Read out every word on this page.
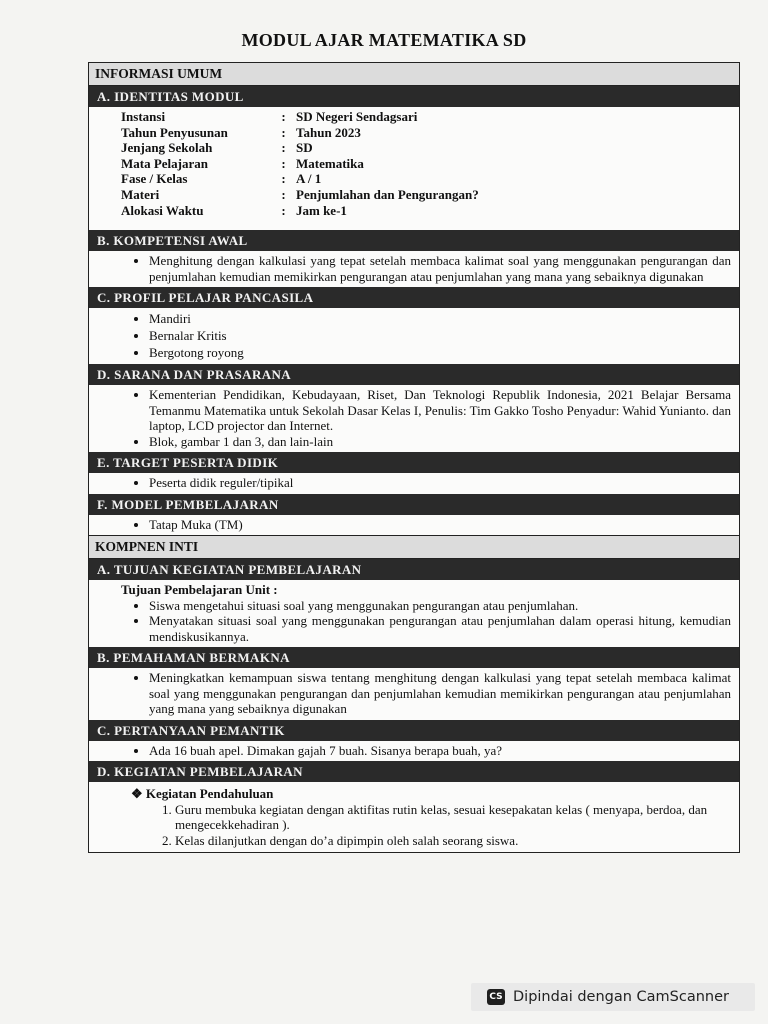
MODUL AJAR MATEMATIKA SD
INFORMASI UMUM
A. IDENTITAS MODUL
Instansi	:	SD Negeri Sendagsari
Tahun Penyusunan	:	Tahun 2023
Jenjang Sekolah	:	SD
Mata Pelajaran	:	Matematika
Fase / Kelas	:	A / 1
Materi	:	Penjumlahan dan Pengurangan?
Alokasi Waktu	:	Jam ke-1
B. KOMPETENSI AWAL
• Menghitung dengan kalkulasi yang tepat setelah membaca kalimat soal yang menggunakan pengurangan dan penjumlahan kemudian memikirkan pengurangan atau penjumlahan yang mana yang sebaiknya digunakan
C. PROFIL PELAJAR PANCASILA
• Mandiri
• Bernalar Kritis
• Bergotong royong
D. SARANA DAN PRASARANA
• Kementerian Pendidikan, Kebudayaan, Riset, Dan Teknologi Republik Indonesia, 2021 Belajar Bersama Temanmu Matematika untuk Sekolah Dasar Kelas I, Penulis: Tim Gakko Tosho Penyadur: Wahid Yunianto. dan laptop, LCD projector dan Internet.
• Blok, gambar 1 dan 3, dan lain-lain
E. TARGET PESERTA DIDIK
• Peserta didik reguler/tipikal
F. MODEL PEMBELAJARAN
• Tatap Muka (TM)
KOMPNEN INTI
A. TUJUAN KEGIATAN PEMBELAJARAN
Tujuan Pembelajaran Unit :
• Siswa mengetahui situasi soal yang menggunakan pengurangan atau penjumlahan.
• Menyatakan situasi soal yang menggunakan pengurangan atau penjumlahan dalam operasi hitung, kemudian mendiskusikannya.
B. PEMAHAMAN BERMAKNA
• Meningkatkan kemampuan siswa tentang menghitung dengan kalkulasi yang tepat setelah membaca kalimat soal yang menggunakan pengurangan dan penjumlahan kemudian memikirkan pengurangan atau penjumlahan yang mana yang sebaiknya digunakan
C. PERTANYAAN PEMANTIK
• Ada 16 buah apel. Dimakan gajah 7 buah. Sisanya berapa buah, ya?
D. KEGIATAN PEMBELAJARAN
❖ Kegiatan Pendahuluan
1. Guru membuka kegiatan dengan aktifitas rutin kelas, sesuai kesepakatan kelas ( menyapa, berdoa, dan mengecekkehadiran ).
2. Kelas dilanjutkan dengan do’a dipimpin oleh salah seorang siswa.
CS Dipindai dengan CamScanner
